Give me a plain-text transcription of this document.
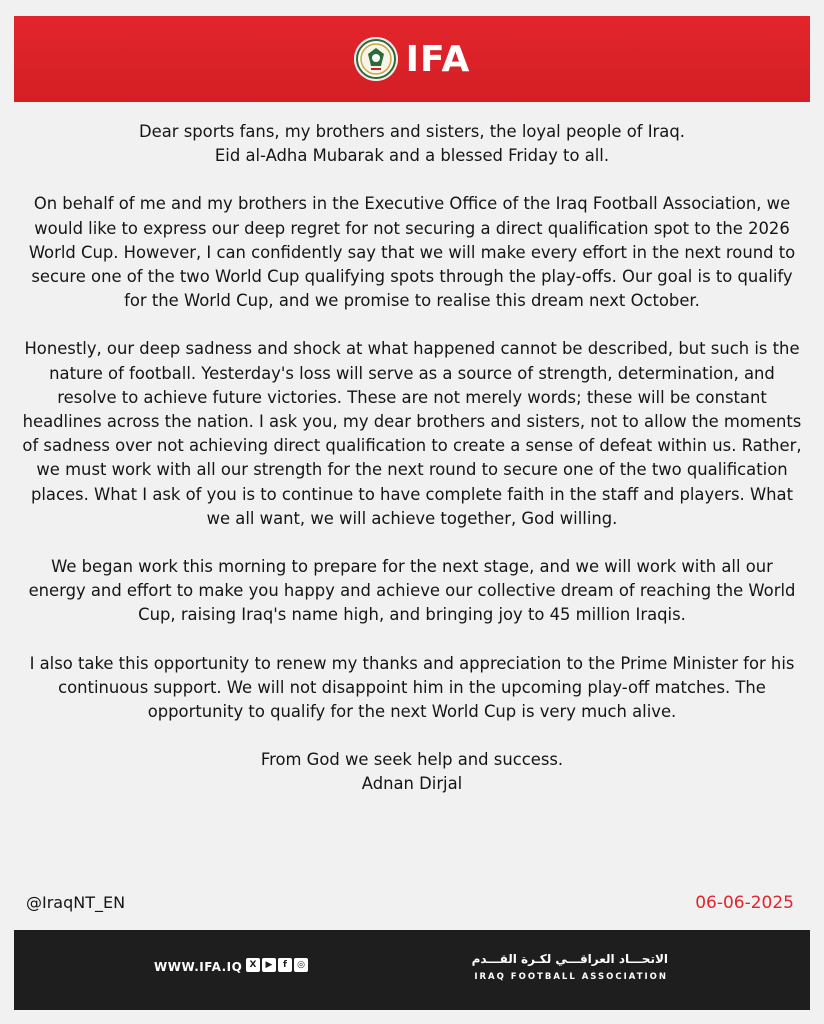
IFA

Dear sports fans, my brothers and sisters, the loyal people of Iraq.
Eid al-Adha Mubarak and a blessed Friday to all.

On behalf of me and my brothers in the Executive Office of the Iraq Football Association, we would like to express our deep regret for not securing a direct qualification spot to the 2026 World Cup. However, I can confidently say that we will make every effort in the next round to secure one of the two World Cup qualifying spots through the play-offs. Our goal is to qualify for the World Cup, and we promise to realise this dream next October.

Honestly, our deep sadness and shock at what happened cannot be described, but such is the nature of football. Yesterday's loss will serve as a source of strength, determination, and resolve to achieve future victories. These are not merely words; these will be constant headlines across the nation. I ask you, my dear brothers and sisters, not to allow the moments of sadness over not achieving direct qualification to create a sense of defeat within us. Rather, we must work with all our strength for the next round to secure one of the two qualification places. What I ask of you is to continue to have complete faith in the staff and players. What we all want, we will achieve together, God willing.

We began work this morning to prepare for the next stage, and we will work with all our energy and effort to make you happy and achieve our collective dream of reaching the World Cup, raising Iraq's name high, and bringing joy to 45 million Iraqis.

I also take this opportunity to renew my thanks and appreciation to the Prime Minister for his continuous support. We will not disappoint him in the upcoming play-off matches. The opportunity to qualify for the next World Cup is very much alive.

From God we seek help and success.
Adnan Dirjal

@IraqNT_EN	06-06-2025
WWW.IFA.IQ X	▶	f	◎	الاتحـــاد العراقـــي لكـرة القـــدم
IRAQ FOOTBALL ASSOCIATION
